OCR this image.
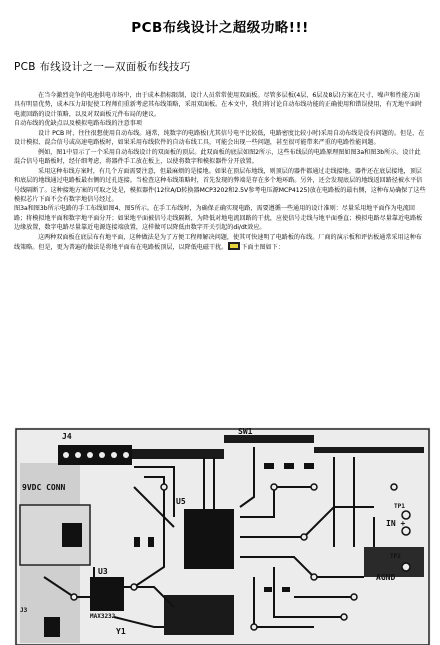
PCB布线设计之超级功略!!!
PCB 布线设计之一—双面板布线技巧

在当今激烈竞争的电池供电市场中，由于成本指标限制，设计人员常常使用双面板。尽管多层板(4层、6层及8层)方案在尺寸、噪声和性能方面具有明显优势，成本压力却促使工程师们重新考虑其布线策略，采用双面板。在本文中，我们将讨论自动布线功能的正确使用和错误使用，有无地平面时电流回路的设计策略，以及对双面板元件布局的建议。

自动布线的优缺点以及模拟电路布线的注意事项

设计 PCB 时，往往很想使用自动布线。通常，纯数字的电路板(尤其信号电平比较低，电路密度比较小时)采用自动布线是没有问题的。但是，在设计模拟、混合信号或高速电路板时，如果采用布线软件的自动布线工具，可能会出现一些问题，甚至很可能带来严重的电路性能问题。

例如，图1中显示了一个采用自动布线设计的双面板的顶层。此双面板的底层如图2所示，这些布线层的电路原理图如图3a和图3b所示。设计此混合信号电路板时，经仔细考虑，将器件手工放在板上，以使将数字和模拟器件分开放置。

采用这种布线方案时，有几个方面需要注意，但最麻烦的是接地。如果在顶层布地线，则顶层的器件都通过走线接地。器件还在底层接地，顶层和底层的地线通过电路板最右侧的过孔连接。当检查这种布线策略时，首先发现的弊端是存在多个地环路。另外，还会发现底层的地线返回路径被水平信号线隔断了。这种接地方案的可取之处是，模拟器件(12位A/D转换器MCP3202和2.5V参考电压源MCP4125)放在电路板的最右侧，这种布局确保了这些模拟芯片下面不会有数字地信号经过。

图3a和图3b所示电路的手工布线如图4、图5所示。在手工布线时，为确保正确实现电路，需要遵循一些通用的设计准则：尽量采用地平面作为电流回路；将模拟地平面和数字地平面分开；如果地平面被信号走线隔断，为降低对地电流回路的干扰，应使信号走线与地平面垂直；模拟电路尽量靠近电路板边缘放置，数字电路尽量靠近电源连接端放置，这样做可以降低由数字开关引起的di/dt效应。

这两种双面板在底层布有地平面，这种做法是为了方便工程师解决问题，使其可快速明了电路板的布线。厂商的演示板和评估板通常采用这种布线策略。但是，更为普遍的做法是将地平面布在电路板顶层，以降低电磁干扰。 下面主图如下：

J4
SW1
9VDC CONN
U5
U3
TP1
IN +
TP2
AGND
J3
Y1
MAX3232
